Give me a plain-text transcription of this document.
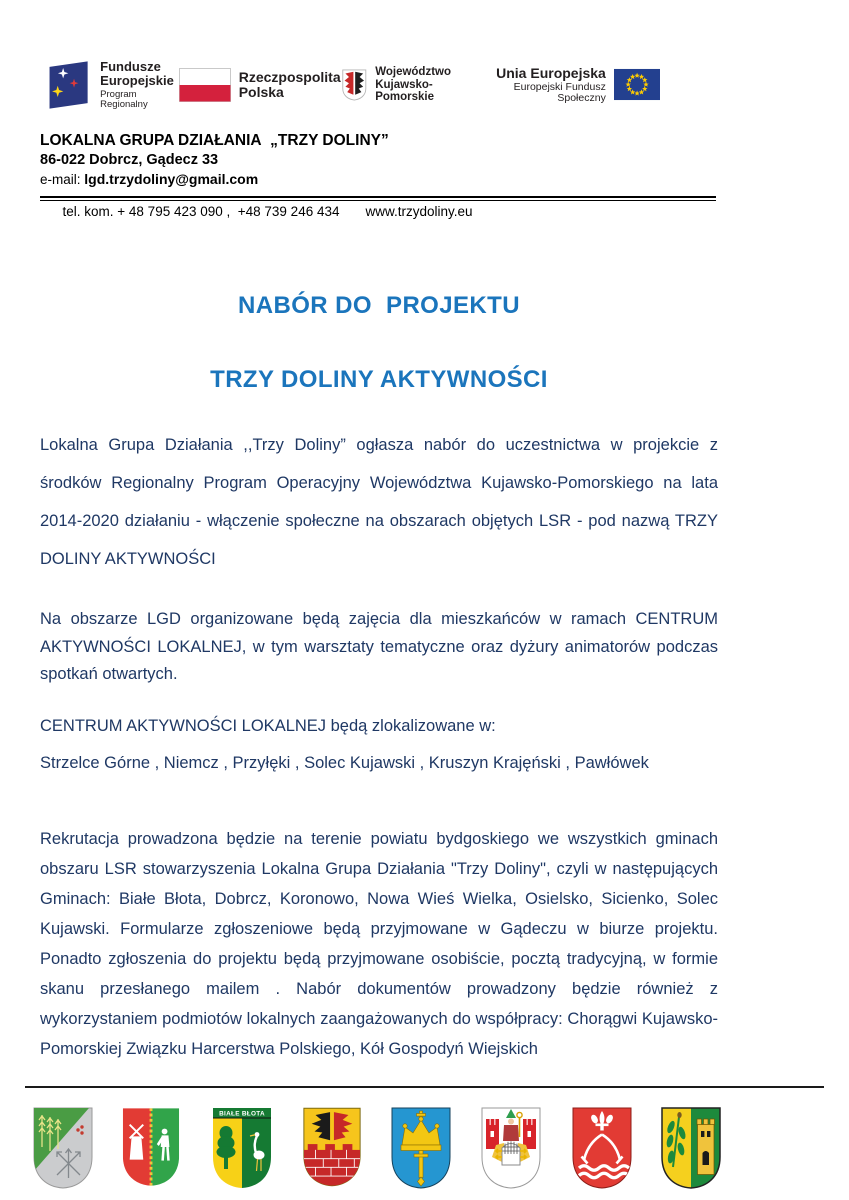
Fundusze
Europejskie
Program Regionalny
Rzeczpospolita
Polska
Województwo
Kujawsko-Pomorskie
Unia Europejska
Europejski Fundusz Społeczny
LOKALNA GRUPA DZIAŁANIA  „TRZY DOLINY”
86-022 Dobrcz, Gądecz 33
e-mail: lgd.trzydoliny@gmail.com

tel. kom. + 48 795 423 090 ,  +48 739 246 434 www.trzydoliny.eu

NABÓR DO  PROJEKTU
TRZY DOLINY AKTYWNOŚCI

Lokalna Grupa Działania ,,Trzy Doliny” ogłasza nabór do uczestnictwa w projekcie z środków Regionalny Program Operacyjny Województwa Kujawsko-Pomorskiego na lata 2014-2020 działaniu - włączenie społeczne na obszarach objętych LSR - pod nazwą TRZY DOLINY AKTYWNOŚCI

Na obszarze LGD organizowane będą zajęcia dla mieszkańców w ramach CENTRUM AKTYWNOŚCI LOKALNEJ, w tym warsztaty tematyczne oraz dyżury animatorów podczas spotkań otwartych.

CENTRUM AKTYWNOŚCI LOKALNEJ będą zlokalizowane w:

Strzelce Górne , Niemcz , Przyłęki , Solec Kujawski , Kruszyn Krajęński , Pawłówek

Rekrutacja prowadzona będzie na terenie powiatu bydgoskiego we wszystkich gminach obszaru LSR stowarzyszenia Lokalna Grupa Działania "Trzy Doliny", czyli w następujących Gminach: Białe Błota, Dobrcz, Koronowo, Nowa Wieś Wielka, Osielsko, Sicienko, Solec Kujawski. Formularze zgłoszeniowe będą przyjmowane w Gądeczu w biurze projektu. Ponadto zgłoszenia do projektu będą przyjmowane osobiście, pocztą tradycyjną, w formie skanu przesłanego mailem . Nabór dokumentów prowadzony będzie również z wykorzystaniem podmiotów lokalnych zaangażowanych do współpracy: Chorągwi Kujawsko-Pomorskiej Związku Harcerstwa Polskiego, Kół Gospodyń Wiejskich

BIAŁE BŁOTA
